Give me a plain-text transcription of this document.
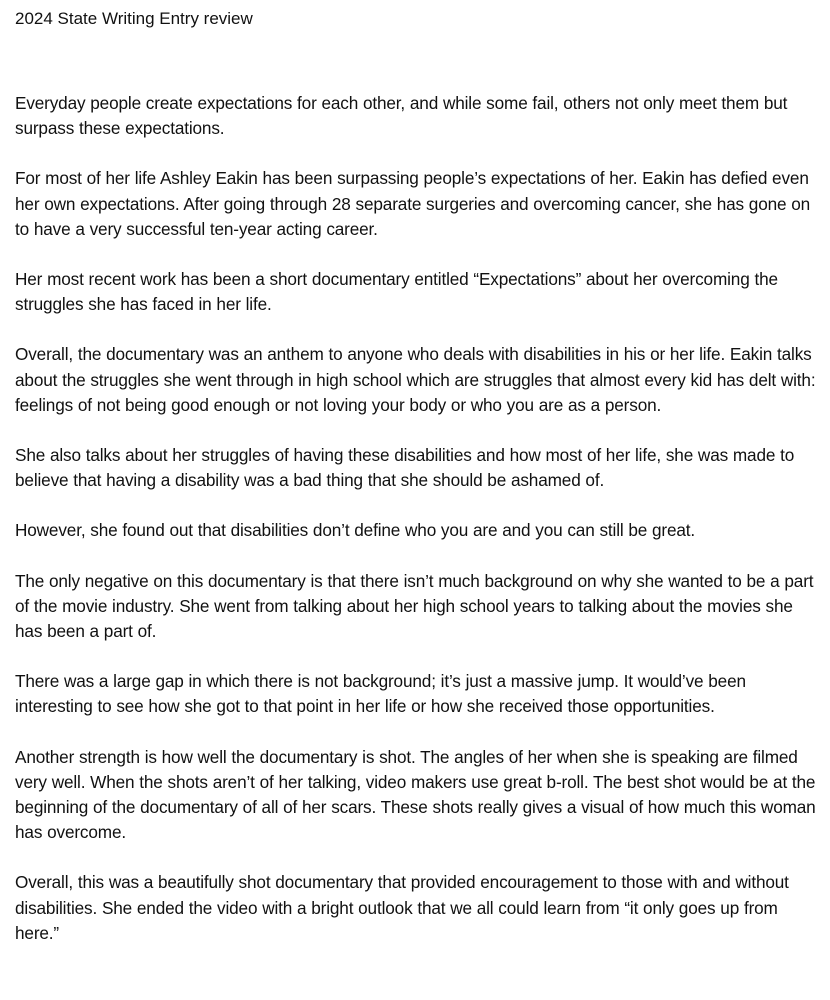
2024 State Writing Entry review

Everyday people create expectations for each other, and while some fail, others not only meet them but surpass these expectations.

For most of her life Ashley Eakin has been surpassing people’s expectations of her. Eakin has defied even her own expectations. After going through 28 separate surgeries and overcoming cancer, she has gone on to have a very successful ten-year acting career.

Her most recent work has been a short documentary entitled “Expectations” about her overcoming the struggles she has faced in her life.

Overall, the documentary was an anthem to anyone who deals with disabilities in his or her life. Eakin talks about the struggles she went through in high school which are struggles that almost every kid has delt with: feelings of not being good enough or not loving your body or who you are as a person.

She also talks about her struggles of having these disabilities and how most of her life, she was made to believe that having a disability was a bad thing that she should be ashamed of.

However, she found out that disabilities don’t define who you are and you can still be great.

The only negative on this documentary is that there isn’t much background on why she wanted to be a part of the movie industry. She went from talking about her high school years to talking about the movies she has been a part of.

There was a large gap in which there is not background; it’s just a massive jump. It would’ve been interesting to see how she got to that point in her life or how she received those opportunities.

Another strength is how well the documentary is shot. The angles of her when she is speaking are filmed very well. When the shots aren’t of her talking, video makers use great b-roll. The best shot would be at the beginning of the documentary of all of her scars. These shots really gives a visual of how much this woman has overcome.

Overall, this was a beautifully shot documentary that provided encouragement to those with and without disabilities. She ended the video with a bright outlook that we all could learn from “it only goes up from here.”
